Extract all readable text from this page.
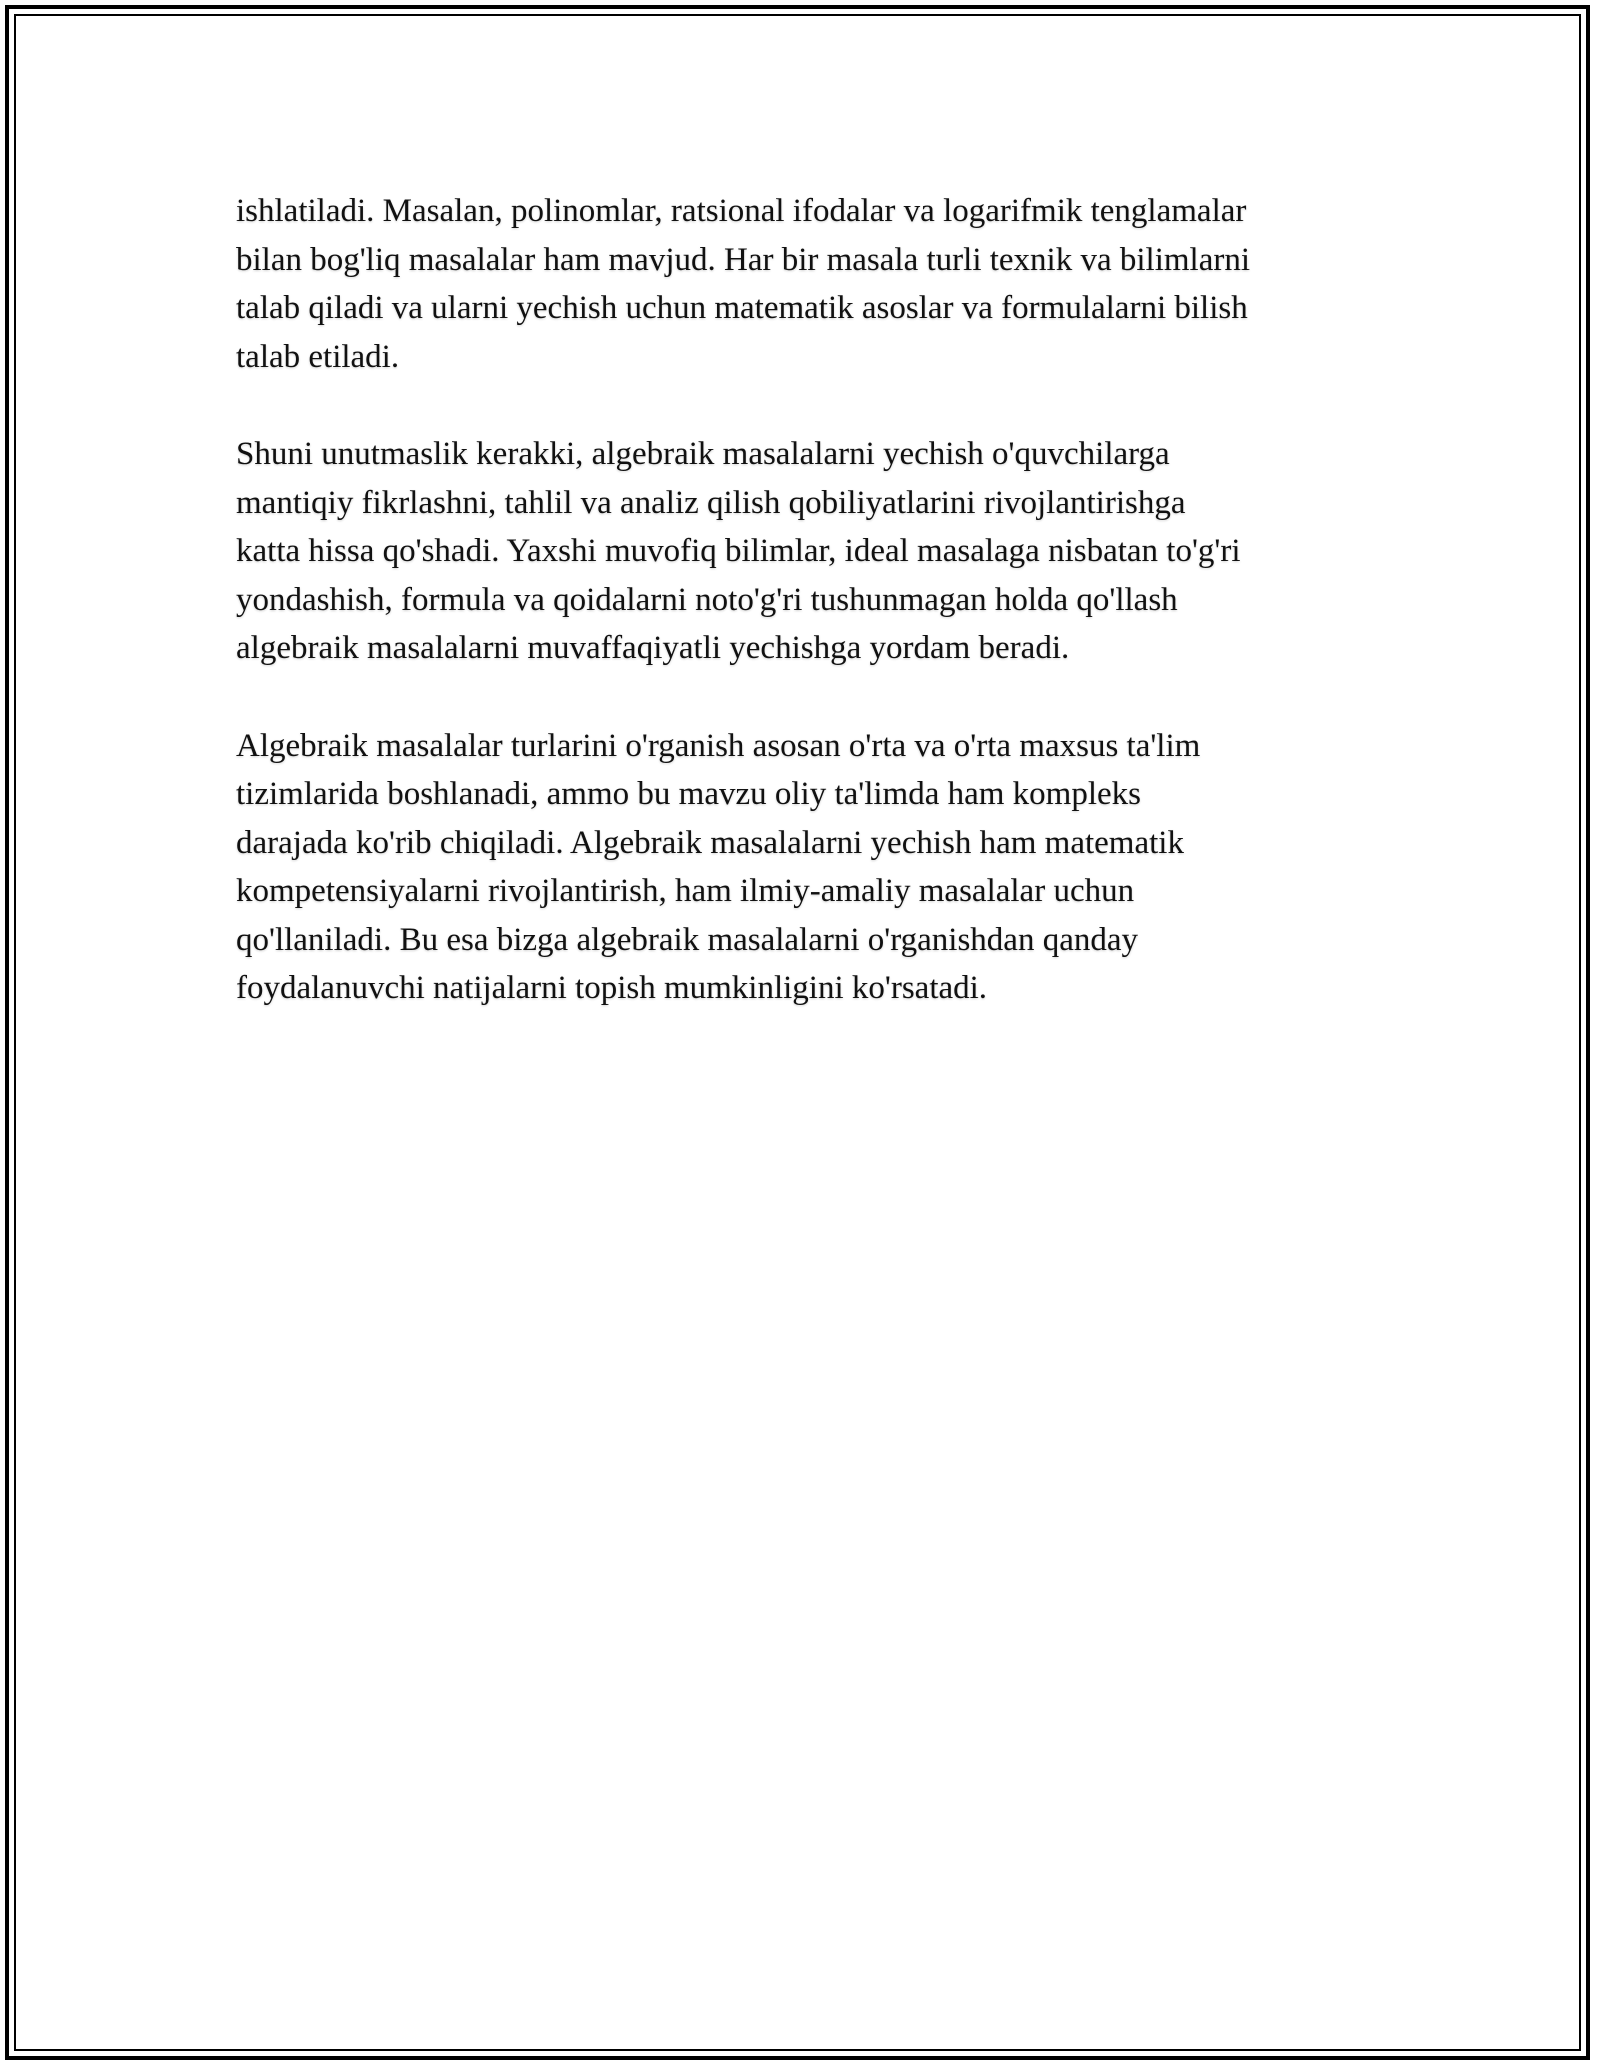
ishlatiladi. Masalan, polinomlar, ratsional ifodalar va logarifmik tenglamalar
bilan bog'liq masalalar ham mavjud. Har bir masala turli texnik va bilimlarni
talab qiladi va ularni yechish uchun matematik asoslar va formulalarni bilish
talab etiladi.

Shuni unutmaslik kerakki, algebraik masalalarni yechish o'quvchilarga
mantiqiy fikrlashni, tahlil va analiz qilish qobiliyatlarini rivojlantirishga
katta hissa qo'shadi. Yaxshi muvofiq bilimlar, ideal masalaga nisbatan to'g'ri
yondashish, formula va qoidalarni noto'g'ri tushunmagan holda qo'llash
algebraik masalalarni muvaffaqiyatli yechishga yordam beradi.

Algebraik masalalar turlarini o'rganish asosan o'rta va o'rta maxsus ta'lim
tizimlarida boshlanadi, ammo bu mavzu oliy ta'limda ham kompleks
darajada ko'rib chiqiladi. Algebraik masalalarni yechish ham matematik
kompetensiyalarni rivojlantirish, ham ilmiy-amaliy masalalar uchun
qo'llaniladi. Bu esa bizga algebraik masalalarni o'rganishdan qanday
foydalanuvchi natijalarni topish mumkinligini ko'rsatadi.
